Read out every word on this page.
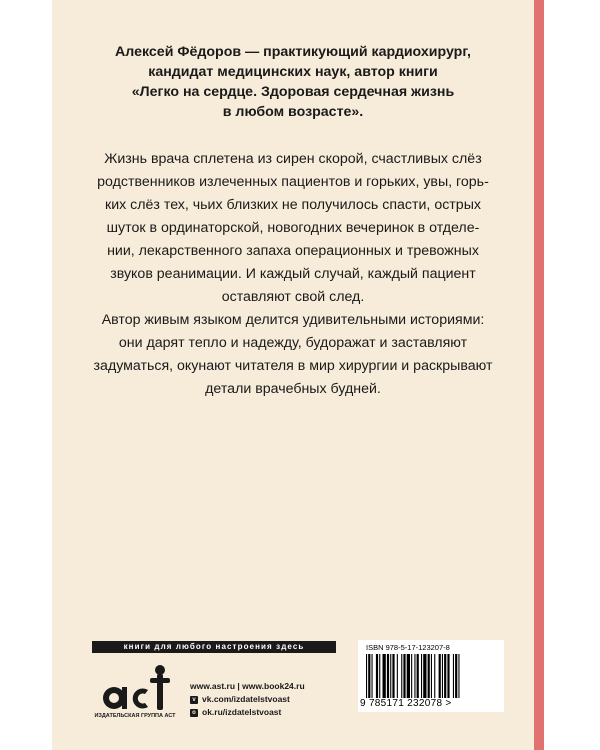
Алексей Фёдоров — практикующий кардиохирург,
кандидат медицинских наук, автор книги
«Легко на сердце. Здоровая сердечная жизнь
в любом возрасте».
Жизнь врача сплетена из сирен скорой, счастливых слёз
родственников излеченных пациентов и горьких, увы, горь-
ких слёз тех, чьих близких не получилось спасти, острых
шуток в ординаторской, новогодних вечеринок в отделе-
нии, лекарственного запаха операционных и тревожных
звуков реанимации. И каждый случай, каждый пациент
оставляют свой след.
Автор живым языком делится удивительными историями:
они дарят тепло и надежду, будоражат и заставляют
задуматься, окунают читателя в мир хирургии и раскрывают
детали врачебных будней.
книги для любого настроения здесь
ИЗДАТЕЛЬСКАЯ ГРУППА АСТ
www.ast.ru | www.book24.ru
v vk.com/izdatelstvoast
o ok.ru/izdatelstvoast
ISBN 978-5-17-123207-8
9 785171 232078 >
